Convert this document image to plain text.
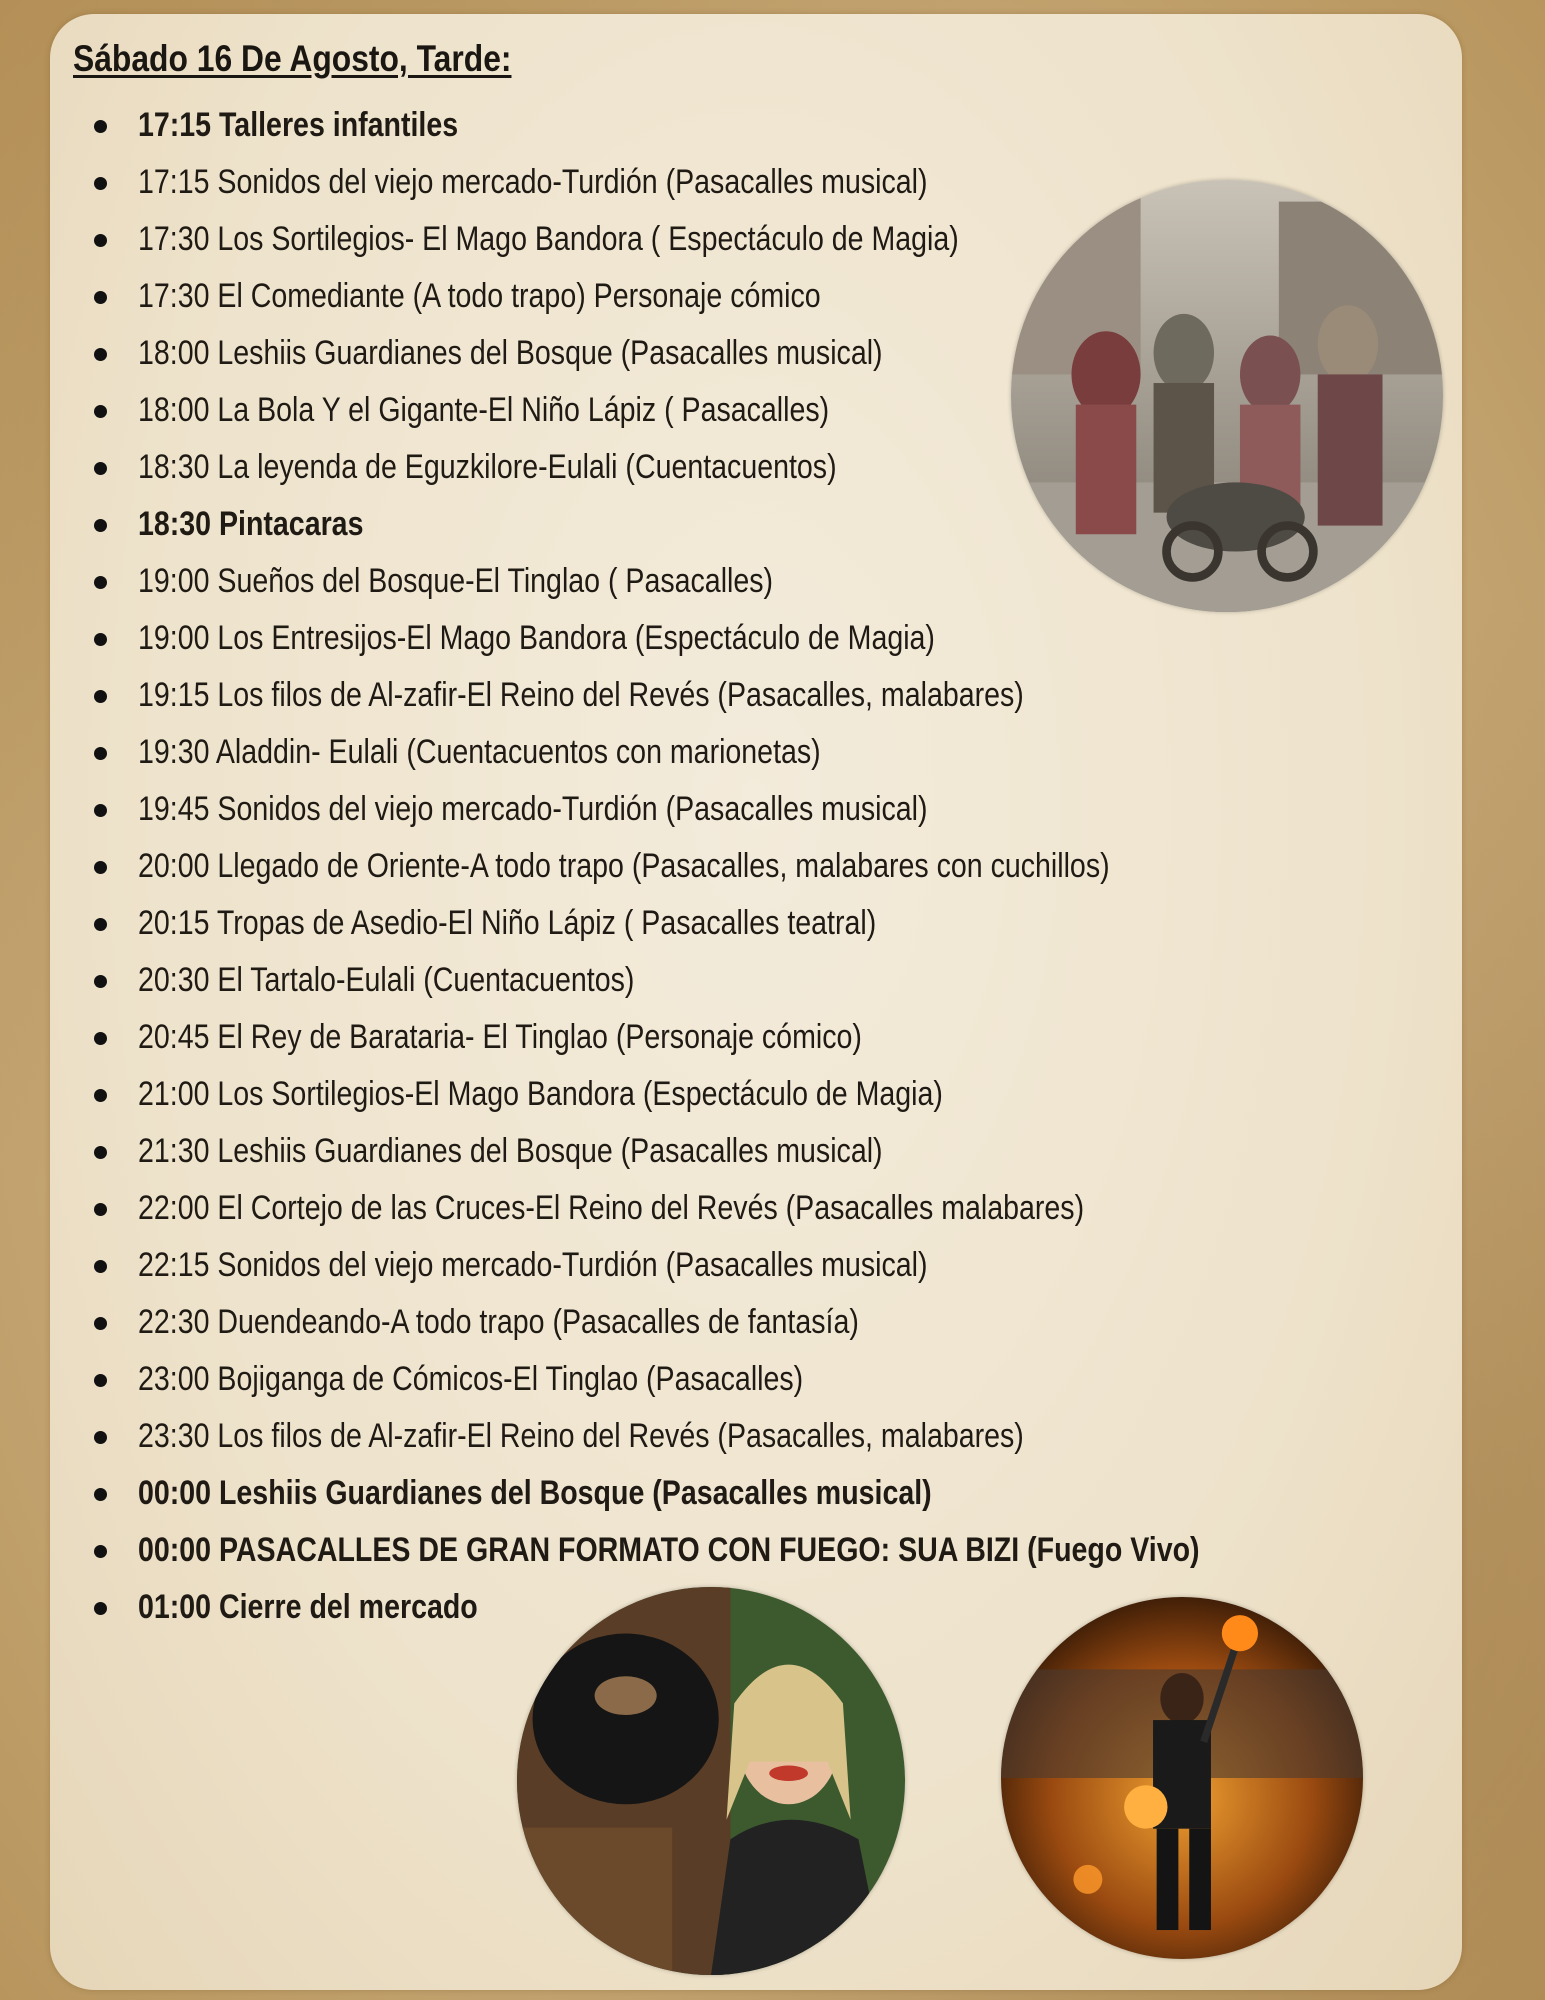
Sábado 16 De Agosto, Tarde:
17:15 Talleres infantiles
17:15 Sonidos del viejo mercado-Turdión (Pasacalles musical)
17:30 Los Sortilegios- El Mago Bandora ( Espectáculo de Magia)
17:30 El Comediante (A todo trapo) Personaje cómico
18:00 Leshiis Guardianes del Bosque (Pasacalles musical)
18:00 La Bola Y el Gigante-El Niño Lápiz ( Pasacalles)
18:30 La leyenda de Eguzkilore-Eulali (Cuentacuentos)
18:30 Pintacaras
19:00 Sueños del Bosque-El Tinglao ( Pasacalles)
19:00 Los Entresijos-El Mago Bandora (Espectáculo de Magia)
19:15 Los filos de Al-zafir-El Reino del Revés (Pasacalles, malabares)
19:30 Aladdin- Eulali (Cuentacuentos con marionetas)
19:45 Sonidos del viejo mercado-Turdión (Pasacalles musical)
20:00 Llegado de Oriente-A todo trapo (Pasacalles, malabares con cuchillos)
20:15 Tropas de Asedio-El Niño Lápiz ( Pasacalles teatral)
20:30 El Tartalo-Eulali (Cuentacuentos)
20:45 El Rey de Barataria- El Tinglao (Personaje cómico)
21:00 Los Sortilegios-El Mago Bandora (Espectáculo de Magia)
21:30 Leshiis Guardianes del Bosque (Pasacalles musical)
22:00 El Cortejo de las Cruces-El Reino del Revés (Pasacalles malabares)
22:15 Sonidos del viejo mercado-Turdión (Pasacalles musical)
22:30 Duendeando-A todo trapo (Pasacalles de fantasía)
23:00 Bojiganga de Cómicos-El Tinglao (Pasacalles)
23:30 Los filos de Al-zafir-El Reino del Revés (Pasacalles, malabares)
00:00 Leshiis Guardianes del Bosque (Pasacalles musical)
00:00 PASACALLES DE GRAN FORMATO CON FUEGO: SUA BIZI (Fuego Vivo)
01:00 Cierre del mercado
